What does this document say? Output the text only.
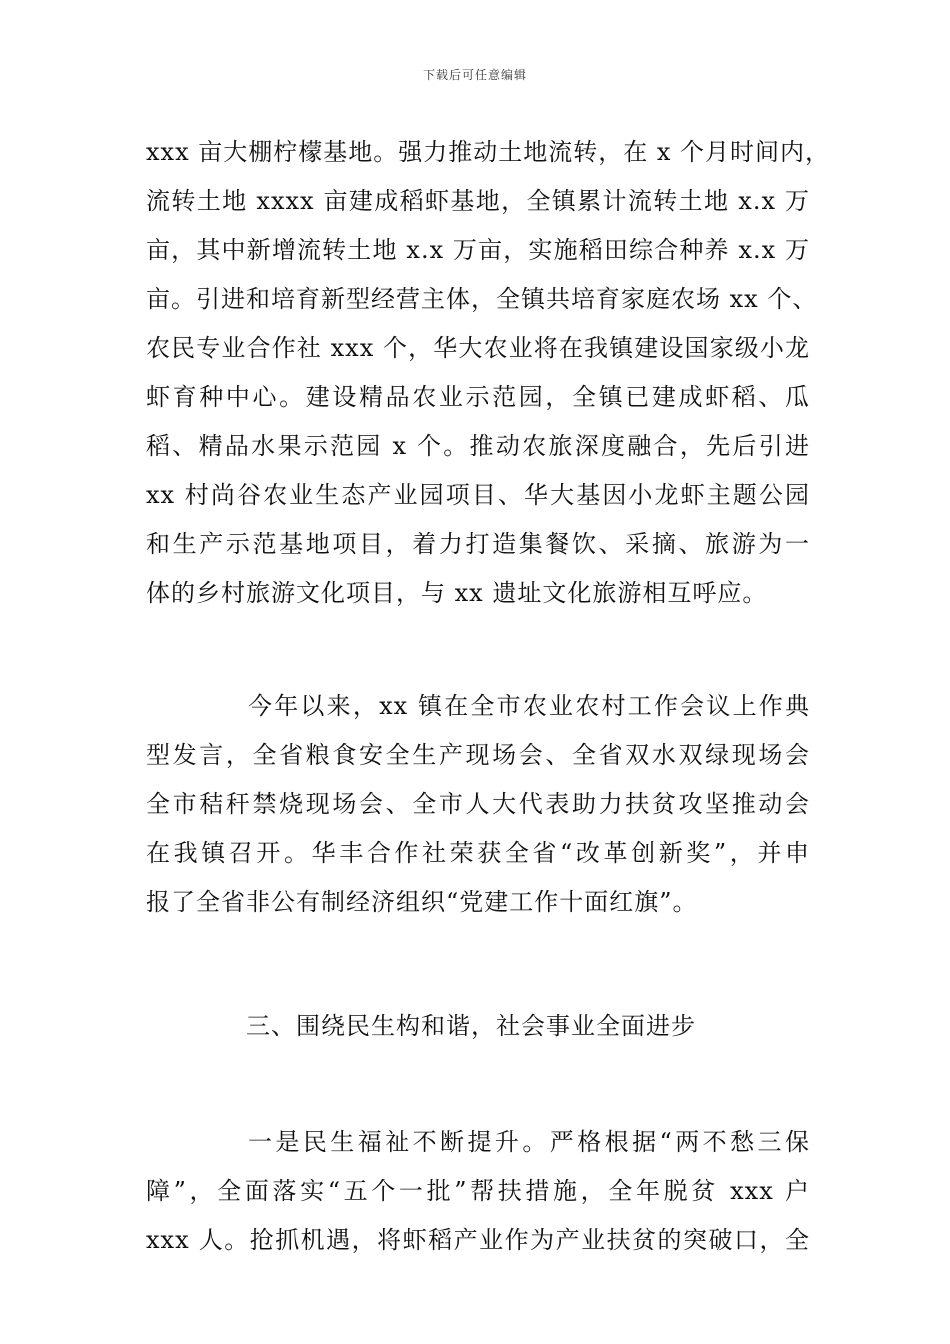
下载后可任意编辑
xxx 亩大棚柠檬基地。强力推动土地流转，在 x 个月时间内，
流转土地 xxxx 亩建成稻虾基地，全镇累计流转土地 x.x 万
亩，其中新增流转土地 x.x 万亩，实施稻田综合种养 x.x 万
亩。引进和培育新型经营主体，全镇共培育家庭农场 xx 个、
农民专业合作社 xxx 个，华大农业将在我镇建设国家级小龙
虾育种中心。建设精品农业示范园，全镇已建成虾稻、瓜
稻、精品水果示范园 x 个。推动农旅深度融合，先后引进
xx 村尚谷农业生态产业园项目、华大基因小龙虾主题公园
和生产示范基地项目，着力打造集餐饮、采摘、旅游为一
体的乡村旅游文化项目，与 xx 遗址文化旅游相互呼应。
今年以来，xx 镇在全市农业农村工作会议上作典
型发言，全省粮食安全生产现场会、全省双水双绿现场会
全市秸秆禁烧现场会、全市人大代表助力扶贫攻坚推动会
在我镇召开。华丰合作社荣获全省“改革创新奖”，并申
报了全省非公有制经济组织“党建工作十面红旗”。
三、围绕民生构和谐，社会事业全面进步
一是民生福祉不断提升。严格根据“两不愁三保
障”，全面落实“五个一批”帮扶措施，全年脱贫 xxx 户
xxx 人。抢抓机遇，将虾稻产业作为产业扶贫的突破口，全
